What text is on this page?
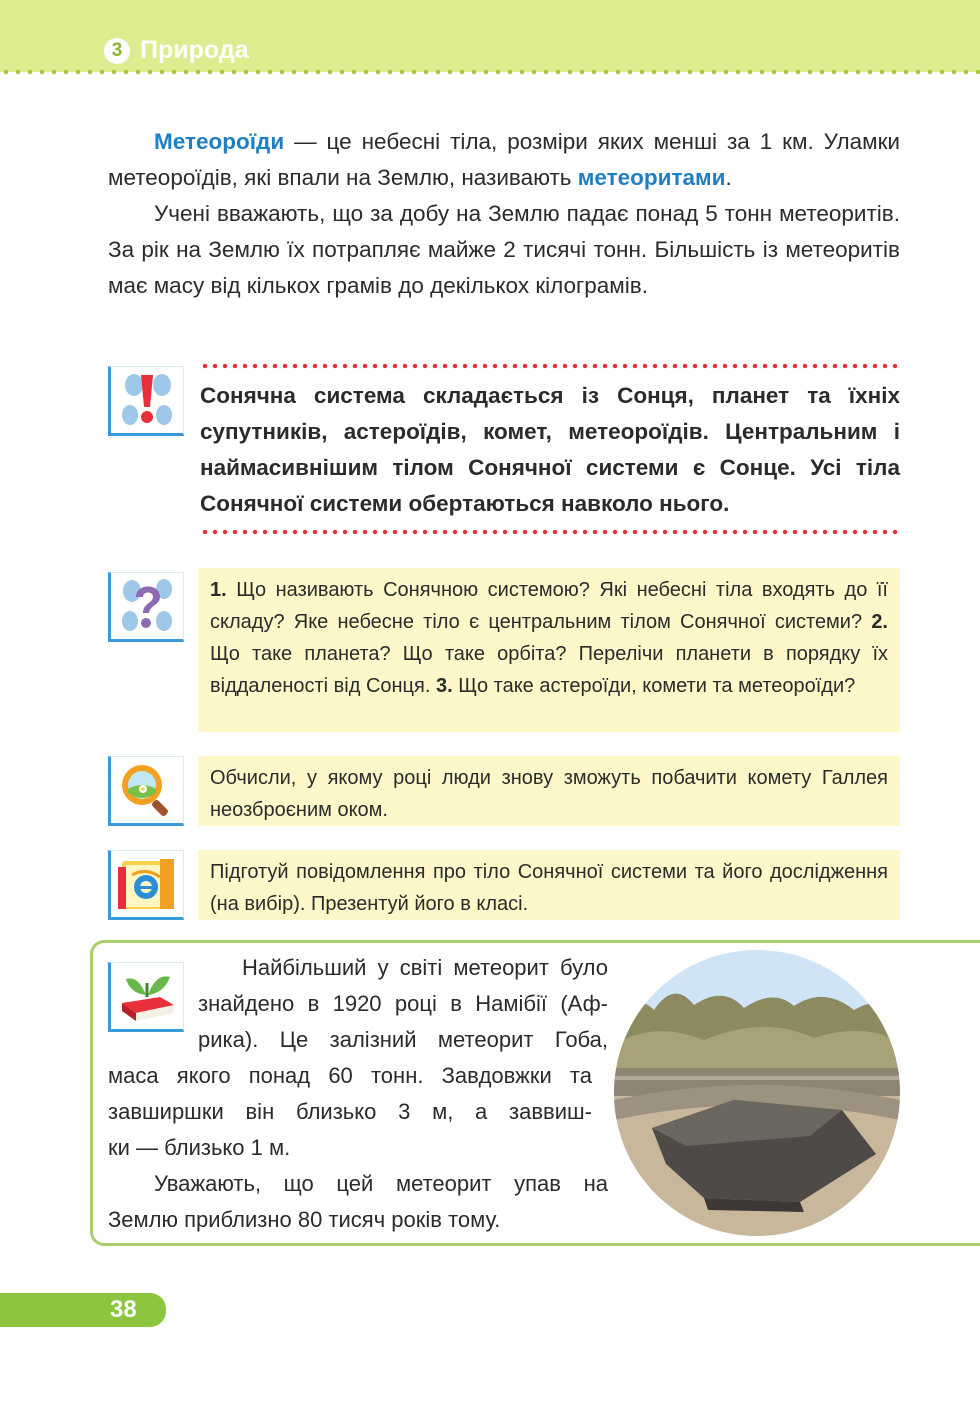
3 Природа

Метеороїди — це небесні тіла, розміри яких менші за 1 км. Уламки метеороїдів, які впали на Землю, називають метеоритами.

Учені вважають, що за добу на Землю падає понад 5 тонн метеоритів. За рік на Землю їх потрапляє майже 2 тисячі тонн. Більшість із метеоритів має масу від кількох грамів до декількох кілограмів.

Сонячна система складається із Сонця, планет та їхніх супутників, астероїдів, комет, метеороїдів. Центральним і наймасивнішим тілом Сонячної системи є Сонце. Усі тіла Сонячної системи обертаються навколо нього.

1. Що називають Сонячною системою? Які небесні тіла входять до її складу? Яке небесне тіло є центральним тілом Сонячної системи? 2. Що таке планета? Що таке орбіта? Перелічи планети в порядку їх віддаленості від Сонця. 3. Що таке астероїди, комети та метеороїди?
Обчисли, у якому році люди знову зможуть побачити комету Галлея неозброєним оком.
Підготуй повідомлення про тіло Сонячної системи та його дослідження (на вибір). Презентуй його в класі.
Найбільший у світі метеорит було
знайдено в 1920 році в Намібії (Аф-
рика). Це залізний метеорит Гоба,
маса якого понад 60 тонн. Завдовжки та
завширшки він близько 3 м, а заввиш-
ки — близько 1 м.
Уважають, що цей метеорит упав на
Землю приблизно 80 тисяч років тому.
38
